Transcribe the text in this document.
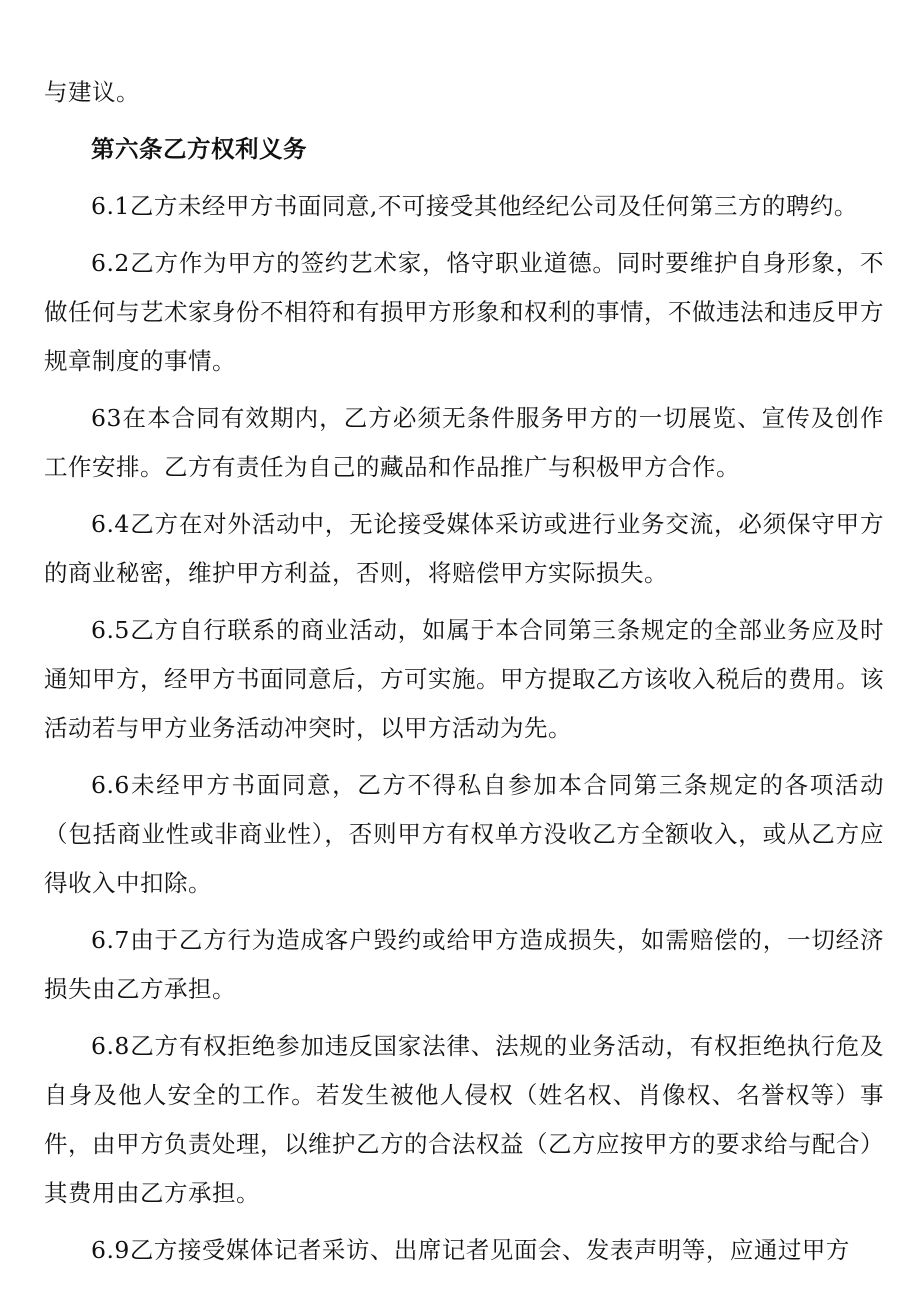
与建议。

第六条乙方权利义务

6.1乙方未经甲方书面同意,不可接受其他经纪公司及任何第三方的聘约。

6.2乙方作为甲方的签约艺术家，恪守职业道德。同时要维护自身形象，不做任何与艺术家身份不相符和有损甲方形象和权利的事情，不做违法和违反甲方规章制度的事情。

63在本合同有效期内，乙方必须无条件服务甲方的一切展览、宣传及创作工作安排。乙方有责任为自己的藏品和作品推广与积极甲方合作。

6.4乙方在对外活动中，无论接受媒体采访或进行业务交流，必须保守甲方的商业秘密，维护甲方利益，否则，将赔偿甲方实际损失。

6.5乙方自行联系的商业活动，如属于本合同第三条规定的全部业务应及时通知甲方，经甲方书面同意后，方可实施。甲方提取乙方该收入税后的费用。该活动若与甲方业务活动冲突时，以甲方活动为先。

6.6未经甲方书面同意，乙方不得私自参加本合同第三条规定的各项活动（包括商业性或非商业性），否则甲方有权单方没收乙方全额收入，或从乙方应得收入中扣除。

6.7由于乙方行为造成客户毁约或给甲方造成损失，如需赔偿的，一切经济损失由乙方承担。

6.8乙方有权拒绝参加违反国家法律、法规的业务活动，有权拒绝执行危及自身及他人安全的工作。若发生被他人侵权（姓名权、肖像权、名誉权等）事件，由甲方负责处理，以维护乙方的合法权益（乙方应按甲方的要求给与配合）其费用由乙方承担。

6.9乙方接受媒体记者采访、出席记者见面会、发表声明等，应通过甲方
